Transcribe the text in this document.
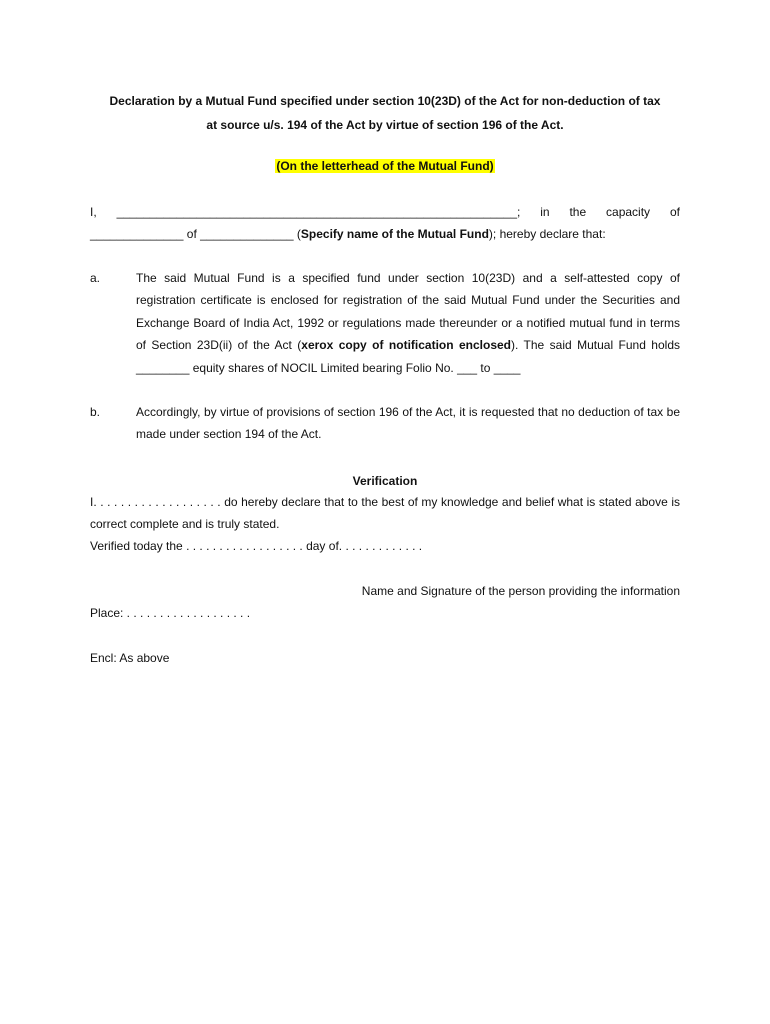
Declaration by a Mutual Fund specified under section 10(23D) of the Act for non-deduction of tax
at source u/s. 194 of the Act by virtue of section 196 of the Act.
(On the letterhead of the Mutual Fund)
I, ____________________________________________________________; in the capacity of
______________ of ______________ (Specify name of the Mutual Fund); hereby declare that:
a.	The said Mutual Fund is a specified fund under section 10(23D) and a self-attested copy of registration certificate is enclosed for registration of the said Mutual Fund under the Securities and Exchange Board of India Act, 1992 or regulations made thereunder or a notified mutual fund in terms of Section 23D(ii) of the Act (xerox copy of notification enclosed). The said Mutual Fund holds ________ equity shares of NOCIL Limited bearing Folio No. ___ to ____
b.	Accordingly, by virtue of provisions of section 196 of the Act, it is requested that no deduction of tax be made under section 194 of the Act.
Verification
I. . . . . . . . . . . . . . . . . . . do hereby declare that to the best of my knowledge and belief what is stated above is correct complete and is truly stated.
Verified today the . . . . . . . . . . . . . . . . . . day of. . . . . . . . . . . . .
Name and Signature of the person providing the information
Place: . . . . . . . . . . . . . . . . . . .
Encl: As above
